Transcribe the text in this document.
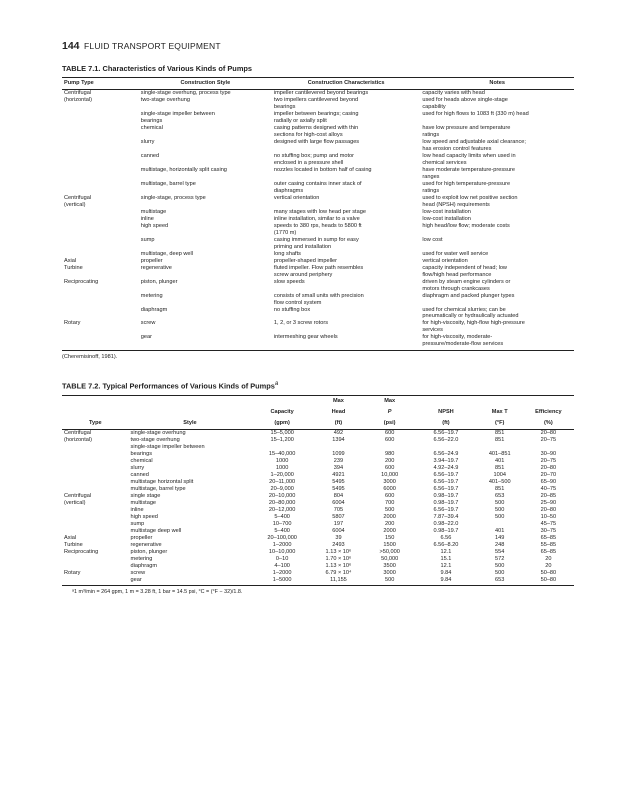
144 FLUID TRANSPORT EQUIPMENT
TABLE 7.1. Characteristics of Various Kinds of Pumps
Pump Type	Construction Style	Construction Characteristics	Notes
Centrifugal	single-stage overhung, process type	impeller cantilevered beyond bearings	capacity varies with head
(horizontal)	two-stage overhung	two impellers cantilevered beyond	used for heads above single-stage
		bearings	capability
	single-stage impeller between	impeller between bearings; casing	used for high flows to 1083 ft (330 m) head
	bearings	radially or axially split	
	chemical	casing patterns designed with thin	have low pressure and temperature
		sections for high-cost alloys	ratings
	slurry	designed with large flow passages	low speed and adjustable axial clearance;
			has erosion control features
	canned	no stuffing box; pump and motor	low head capacity limits when used in
		enclosed in a pressure shell	chemical services
	multistage, horizontally split casing	nozzles located in bottom half of casing	have moderate temperature-pressure
			ranges
	multistage, barrel type	outer casing contains inner stack of	used for high temperature-pressure
		diaphragms	ratings
Centrifugal	single-stage, process type	vertical orientation	used to exploit low net positive section
(vertical)			head (NPSH) requirements
	multistage	many stages with low head per stage	low-cost installation
	inline	inline installation, similar to a valve	low-cost installation
	high speed	speeds to 380 rps, heads to 5800 ft	high head/low flow; moderate costs
		(1770 m)	
	sump	casing immersed in sump for easy	low cost
		priming and installation	
	multistage, deep well	long shafts	used for water well service
Axial	propeller	propeller-shaped impeller	vertical orientation
Turbine	regenerative	fluted impeller. Flow path resembles	capacity independent of head; low
		screw around periphery	flow/high head performance
Reciprocating	piston, plunger	slow speeds	driven by steam engine cylinders or
			motors through crankcases
	metering	consists of small units with precision	diaphragm and packed plunger types
		flow control system	
	diaphragm	no stuffing box	used for chemical slurries; can be
			pneumatically or hydraulically actuated
Rotary	screw	1, 2, or 3 screw rotors	for high-viscosity, high-flow high-pressure
			services
	gear	intermeshing gear wheels	for high-viscosity, moderate-
			pressure/moderate-flow services
(Cheremisinoff, 1981).
TABLE 7.2. Typical Performances of Various Kinds of Pumps$^a$
			Max	Max			
		Capacity	Head	P	NPSH	Max T	Efficiency
Type	Style	(gpm)	(ft)	(psi)	(ft)	(°F)	(%)
Centrifugal	single-stage overhung	15–5,000	492	600	6.56–19.7	851	20–80
(horizontal)	two-stage overhung	15–1,200	1394	600	6.56–22.0	851	20–75
	single-stage impeller between						
	bearings	15–40,000	1099	980	6.56–24.9	401–851	30–90
	chemical	1000	239	200	3.94–19.7	401	20–75
	slurry	1000	394	600	4.92–24.9	851	20–80
	canned	1–20,000	4921	10,000	6.56–19.7	1004	20–70
	multistage horizontal split	20–11,000	5495	3000	6.56–19.7	401–500	65–90
	multistage, barrel type	20–9,000	5495	6000	6.56–19.7	851	40–75
Centrifugal	single stage	20–10,000	804	600	0.98–19.7	653	20–85
(vertical)	multistage	20–80,000	6004	700	0.98–19.7	500	25–90
	inline	20–12,000	705	500	6.56–19.7	500	20–80
	high speed	5–400	5807	2000	7.87–39.4	500	10–50
	sump	10–700	197	200	0.98–22.0		45–75
	multistage deep well	5–400	6004	2000	0.98–19.7	401	30–75
Axial	propeller	20–100,000	39	150	6.56	149	65–85
Turbine	regenerative	1–2000	2493	1500	6.56–8.20	248	55–85
Reciprocating	piston, plunger	10–10,000	1.13 × 10⁶	>50,000	12.1	554	65–85
	metering	0–10	1.70 × 10⁶	50,000	15.1	572	20
	diaphragm	4–100	1.13 × 10⁶	3500	12.1	500	20
Rotary	screw	1–2000	6.79 × 10⁴	3000	9.84	500	50–80
	gear	1–5000	11,155	500	9.84	653	50–80
ᵃ1 m³/min = 264 gpm, 1 m = 3.28 ft, 1 bar = 14.5 psi, °C = (°F − 32)/1.8.
